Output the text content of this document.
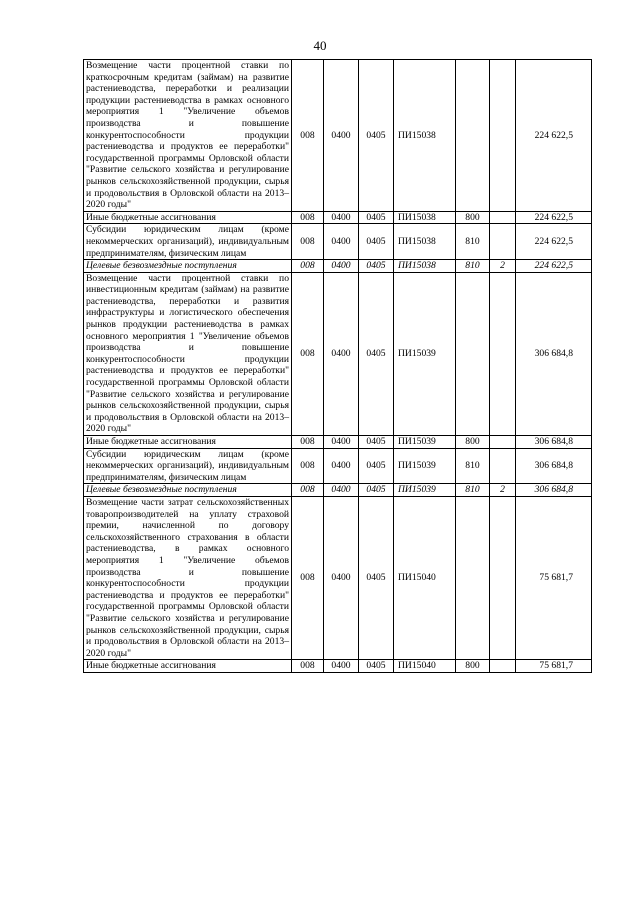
40
Возмещение части процентной ставки по краткосрочным кредитам (займам) на развитие растениеводства, переработки и реализации продукции растениеводства в рамках основного мероприятия 1 "Увеличение объемов производства и повышение конкурентоспособности продукции растениеводства и продуктов ее переработки" государственной программы Орловской области "Развитие сельского хозяйства и регулирование рынков сельскохозяйственной продукции, сырья и продовольствия в Орловской области на 2013–2020 годы"	008	0400	0405	ПИ15038			224 622,5
Иные бюджетные ассигнования	008	0400	0405	ПИ15038	800		224 622,5
Субсидии юридическим лицам (кроме некоммерческих организаций), индивидуальным предпринимателям, физическим лицам	008	0400	0405	ПИ15038	810		224 622,5
Целевые безвозмездные поступления	008	0400	0405	ПИ15038	810	2	224 622,5
Возмещение части процентной ставки по инвестиционным кредитам (займам) на развитие растениеводства, переработки и развития инфраструктуры и логистического обеспечения рынков продукции растениеводства в рамках основного мероприятия 1 "Увеличение объемов производства и повышение конкурентоспособности продукции растениеводства и продуктов ее переработки" государственной программы Орловской области "Развитие сельского хозяйства и регулирование рынков сельскохозяйственной продукции, сырья и продовольствия в Орловской области на 2013–2020 годы"	008	0400	0405	ПИ15039			306 684,8
Иные бюджетные ассигнования	008	0400	0405	ПИ15039	800		306 684,8
Субсидии юридическим лицам (кроме некоммерческих организаций), индивидуальным предпринимателям, физическим лицам	008	0400	0405	ПИ15039	810		306 684,8
Целевые безвозмездные поступления	008	0400	0405	ПИ15039	810	2	306 684,8
Возмещение части затрат сельскохозяйственных товаропроизводителей на уплату страховой премии, начисленной по договору сельскохозяйственного страхования в области растениеводства, в рамках основного мероприятия 1 "Увеличение объемов производства и повышение конкурентоспособности продукции растениеводства и продуктов ее переработки" государственной программы Орловской области "Развитие сельского хозяйства и регулирование рынков сельскохозяйственной продукции, сырья и продовольствия в Орловской области на 2013–2020 годы"	008	0400	0405	ПИ15040			75 681,7
Иные бюджетные ассигнования	008	0400	0405	ПИ15040	800		75 681,7
